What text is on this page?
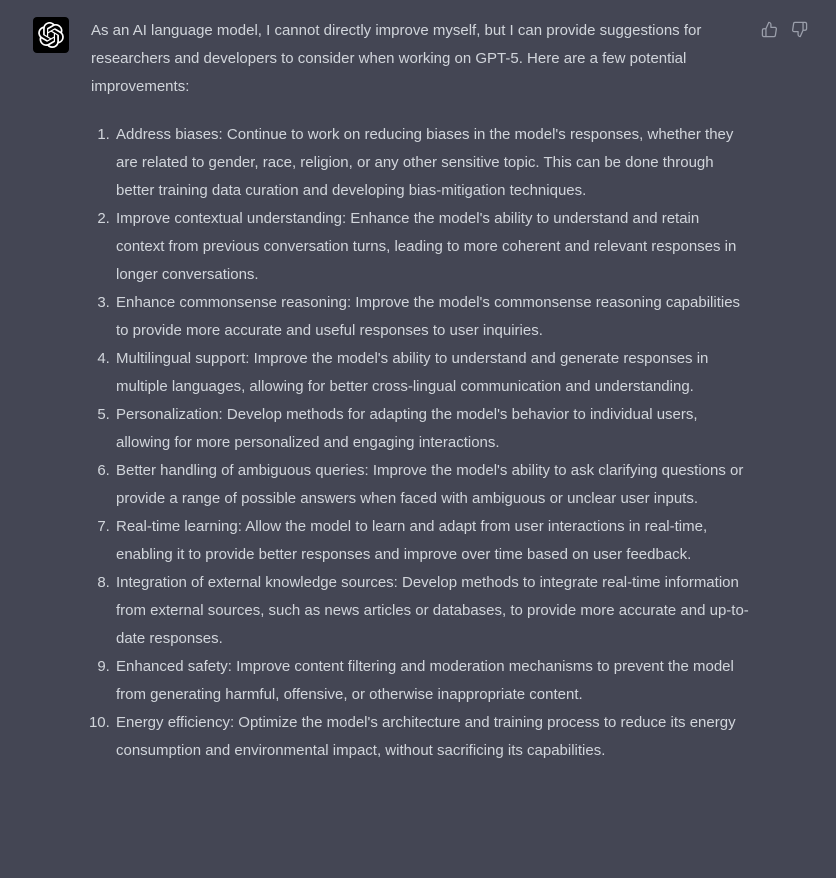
As an AI language model, I cannot directly improve myself, but I can provide suggestions for researchers and developers to consider when working on GPT-5. Here are a few potential improvements:

1. Address biases: Continue to work on reducing biases in the model's responses, whether they are related to gender, race, religion, or any other sensitive topic. This can be done through better training data curation and developing bias-mitigation techniques.
2. Improve contextual understanding: Enhance the model's ability to understand and retain context from previous conversation turns, leading to more coherent and relevant responses in longer conversations.
3. Enhance commonsense reasoning: Improve the model's commonsense reasoning capabilities to provide more accurate and useful responses to user inquiries.
4. Multilingual support: Improve the model's ability to understand and generate responses in multiple languages, allowing for better cross-lingual communication and understanding.
5. Personalization: Develop methods for adapting the model's behavior to individual users, allowing for more personalized and engaging interactions.
6. Better handling of ambiguous queries: Improve the model's ability to ask clarifying questions or provide a range of possible answers when faced with ambiguous or unclear user inputs.
7. Real-time learning: Allow the model to learn and adapt from user interactions in real-time, enabling it to provide better responses and improve over time based on user feedback.
8. Integration of external knowledge sources: Develop methods to integrate real-time information from external sources, such as news articles or databases, to provide more accurate and up-to-date responses.
9. Enhanced safety: Improve content filtering and moderation mechanisms to prevent the model from generating harmful, offensive, or otherwise inappropriate content.
10. Energy efficiency: Optimize the model's architecture and training process to reduce its energy consumption and environmental impact, without sacrificing its capabilities.
